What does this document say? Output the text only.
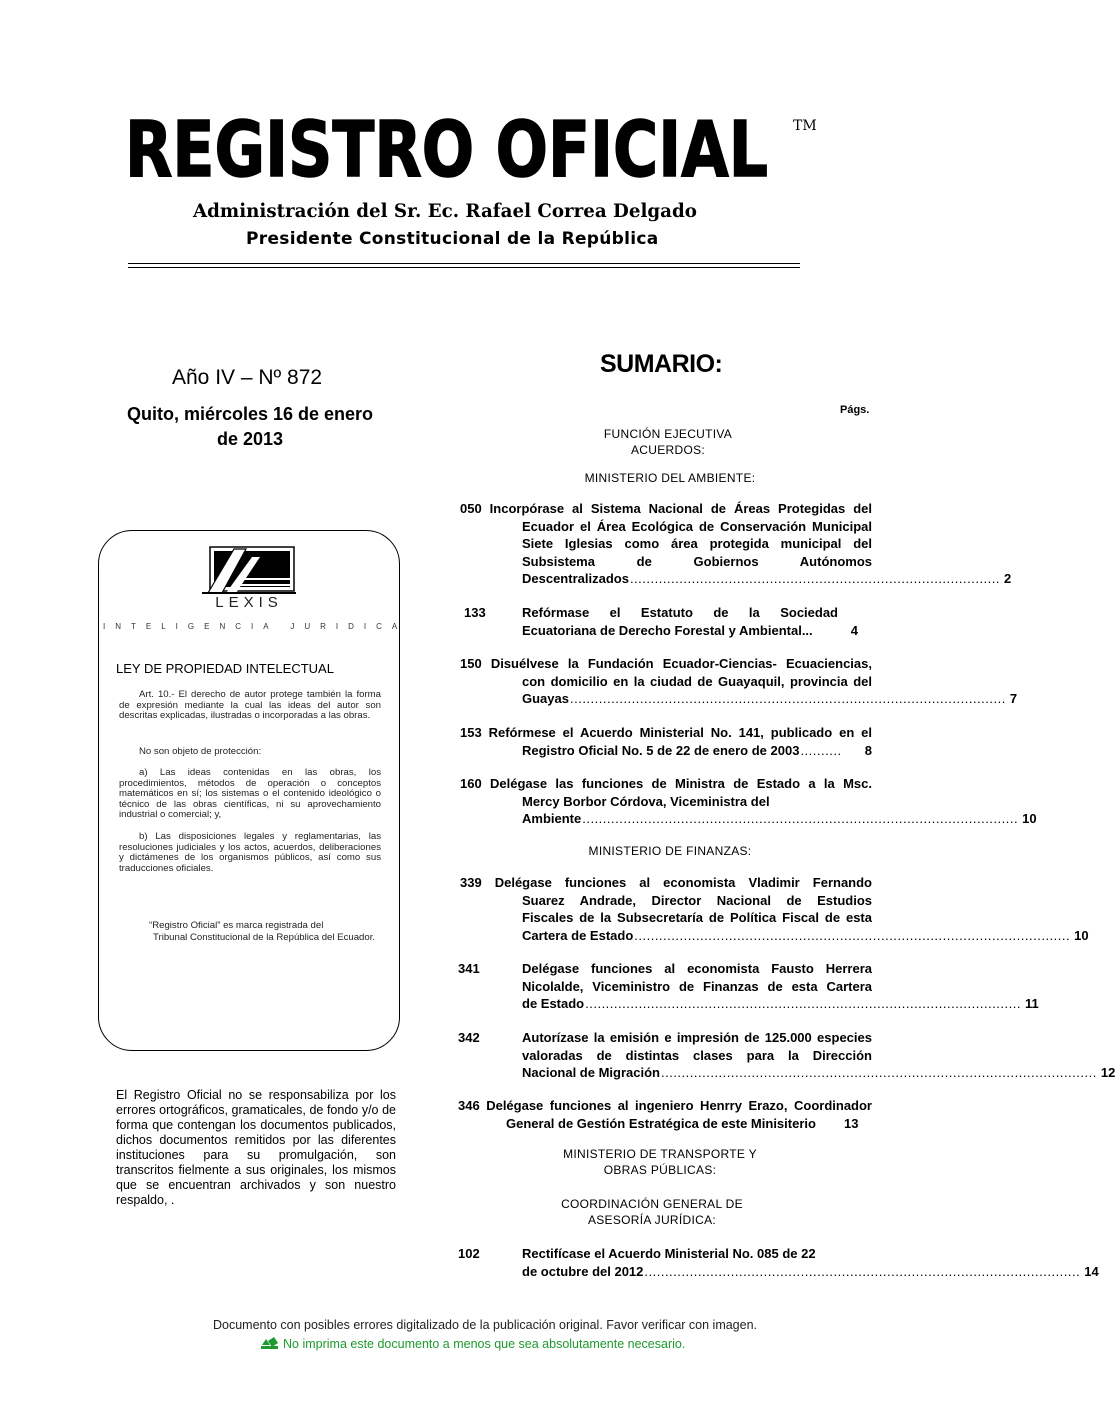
REGISTRO OFICIAL TM
Administración del Sr. Ec. Rafael Correa Delgado
Presidente Constitucional de la República
Año IV – Nº 872
Quito, miércoles 16 de enero de 2013
LEXIS
INTELIGENCIA JURIDICA
LEY DE PROPIEDAD INTELECTUAL
Art. 10.- El derecho de autor protege también la forma de expresión mediante la cual las ideas del autor son descritas explicadas, ilustradas o incorporadas a las obras.
No son objeto de protección:
a) Las ideas contenidas en las obras, los procedimientos, métodos de operación o conceptos matemáticos en sí; los sistemas o el contenido ideológico o técnico de las obras científicas, ni su aprovechamiento industrial o comercial; y,
b) Las disposiciones legales y reglamentarias, las resoluciones judiciales y los actos, acuerdos, deliberaciones y dictámenes de los organismos públicos, así como sus traducciones oficiales.
“Registro Oficial” es marca registrada del
Tribunal Constitucional de la República del Ecuador.
El Registro Oficial no se responsabiliza por los errores ortográficos, gramaticales, de fondo y/o de forma que contengan los documentos publicados, dichos documentos remitidos por las diferentes instituciones para su promulgación, son transcritos fielmente a sus originales, los mismos que se encuentran archivados y son nuestro respaldo, .
SUMARIO:
Págs.
FUNCIÓN EJECUTIVA
ACUERDOS:
MINISTERIO DEL AMBIENTE:
050 Incorpórase al Sistema Nacional de Áreas Protegidas del
Ecuador el Área Ecológica de Conservación Municipal
Siete Iglesias como área protegida municipal del
Subsistema de Gobiernos Autónomos
Descentralizados .......................................................................................... 2
133	Refórmase el Estatuto de la Sociedad
Ecuatoriana de Derecho Forestal y Ambiental...	4
150 Disuélvese la Fundación Ecuador-Ciencias- Ecuaciencias,
con domicilio en la ciudad de Guayaquil, provincia del
Guayas .......................................................................................................... 7
153 Refórmese el Acuerdo Ministerial No. 141, publicado en el
Registro Oficial No. 5 de 22 de enero de 2003 ..........	8
160 Delégase las funciones de Ministra de Estado a la Msc.
Mercy Borbor Córdova, Viceministra del
Ambiente .......................................................................................................... 10
MINISTERIO DE FINANZAS:
339 Delégase funciones al economista Vladimir Fernando
Suarez Andrade, Director Nacional de Estudios
Fiscales de la Subsecretaría de Política Fiscal de esta
Cartera de Estado .......................................................................................................... 10
341	Delégase funciones al economista Fausto Herrera
Nicolalde, Viceministro de Finanzas de esta Cartera
de Estado .......................................................................................................... 11
342	Autorízase la emisión e impresión de 125.000 especies
valoradas de distintas clases para la Dirección
Nacional de Migración .......................................................................................................... 12
346 Delégase funciones al ingeniero Henrry Erazo, Coordinador
General de Gestión Estratégica de este Minisiterio	13
MINISTERIO DE TRANSPORTE Y
OBRAS PÚBLICAS:
COORDINACIÓN GENERAL DE
ASESORÍA JURÍDICA:
102	Rectifícase el Acuerdo Ministerial No. 085 de 22
de octubre del 2012 .......................................................................................................... 14
Documento con posibles errores digitalizado de la publicación original. Favor verificar con imagen.
No imprima este documento a menos que sea absolutamente necesario.
